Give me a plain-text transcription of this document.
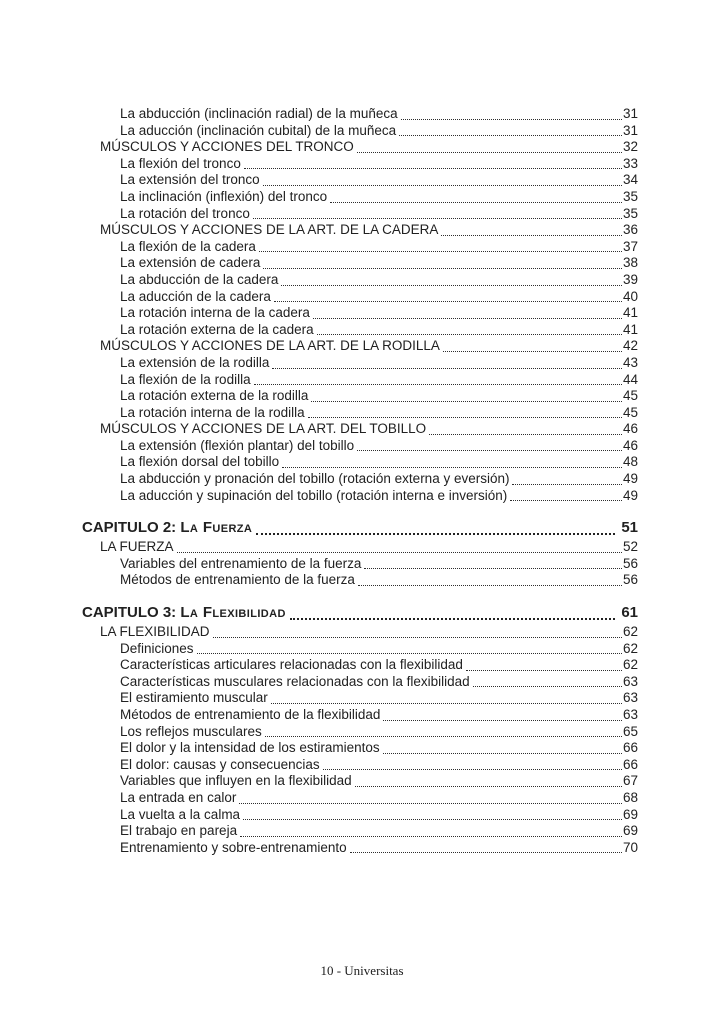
La abducción (inclinación radial) de la muñeca	31
La aducción (inclinación cubital) de la muñeca	31
MÚSCULOS Y ACCIONES DEL TRONCO	32
La flexión del tronco	33
La extensión del tronco	34
La inclinación (inflexión) del tronco	35
La rotación del tronco	35
MÚSCULOS Y ACCIONES DE LA ART. DE LA CADERA	36
La flexión de la cadera	37
La extensión de cadera	38
La abducción de la cadera	39
La aducción de la cadera	40
La rotación interna de la cadera	41
La rotación externa de la cadera	41
MÚSCULOS Y ACCIONES DE LA ART. DE LA RODILLA	42
La extensión de la rodilla	43
La flexión de la rodilla	44
La rotación externa de la rodilla	45
La rotación interna de la rodilla	45
MÚSCULOS Y ACCIONES DE LA ART. DEL TOBILLO	46
La extensión (flexión plantar) del tobillo	46
La flexión dorsal del tobillo	48
La abducción y pronación del tobillo (rotación externa y eversión)	49
La aducción y supinación del tobillo (rotación interna e inversión)	49
CAPITULO 2: La Fuerza	51
LA FUERZA	52
Variables del entrenamiento de la fuerza	56
Métodos de entrenamiento de la fuerza	56
CAPITULO 3: La Flexibilidad	61
LA FLEXIBILIDAD	62
Definiciones	62
Características articulares relacionadas con la flexibilidad	62
Características musculares relacionadas con la flexibilidad	63
El estiramiento muscular	63
Métodos de entrenamiento de la flexibilidad	63
Los reflejos musculares	65
El dolor y la intensidad de los estiramientos	66
El dolor: causas y consecuencias	66
Variables que influyen en la flexibilidad	67
La entrada en calor	68
La vuelta a la calma	69
El trabajo en pareja	69
Entrenamiento y sobre-entrenamiento	70
10 - Universitas
